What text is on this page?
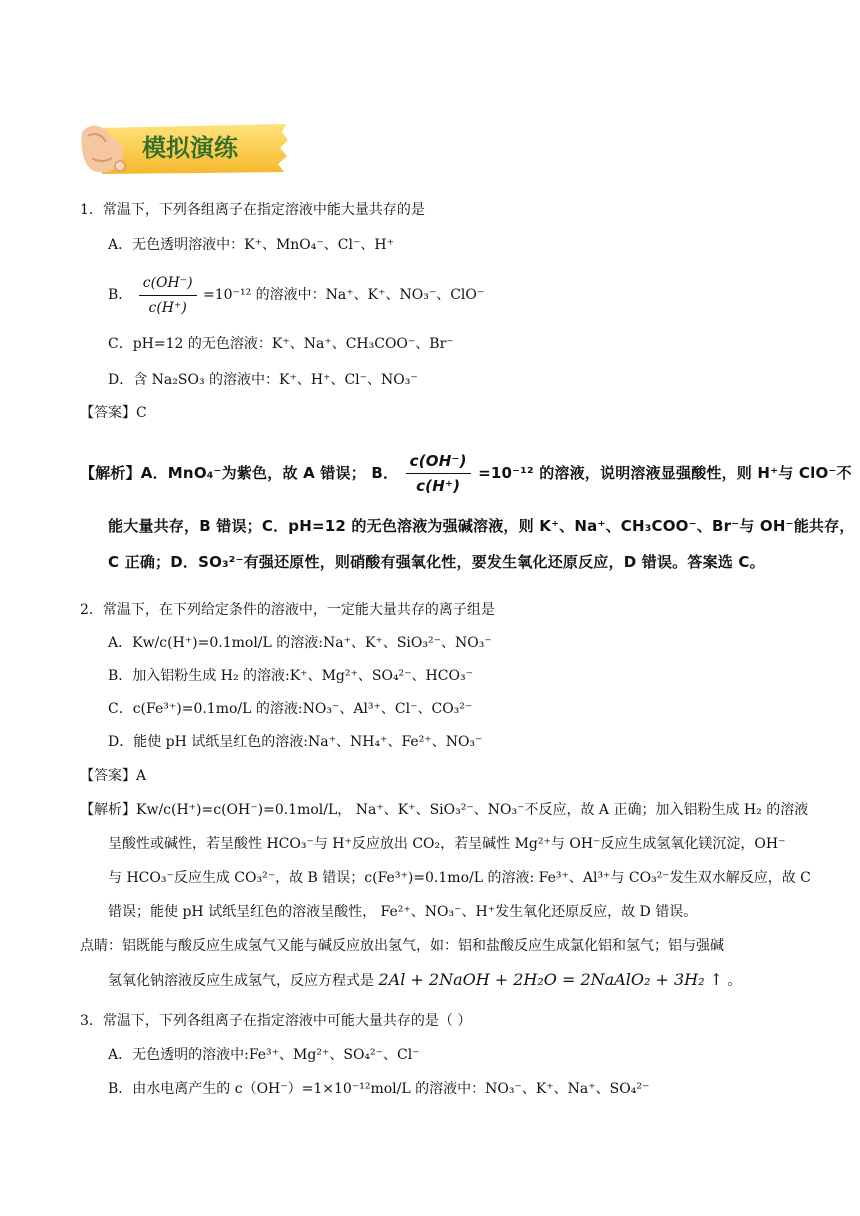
模拟演练
1．常温下，下列各组离子在指定溶液中能大量共存的是
A．无色透明溶液中：K⁺、MnO₄⁻、Cl⁻、H⁺
B． $\frac{c(OH^-)}{c(H^+)} =10^{-12}$ 的溶液中：Na⁺、K⁺、NO₃⁻、ClO⁻
C．pH=12 的无色溶液：K⁺、Na⁺、CH₃COO⁻、Br⁻
D．含 Na₂SO₃ 的溶液中：K⁺、H⁺、Cl⁻、NO₃⁻
【答案】C
【解析】A．MnO₄⁻为紫色，故 A 错误； B． $\frac{c(OH^-)}{c(H^+)} =10^{-12}$ 的溶液，说明溶液显强酸性，则 H⁺与 ClO⁻不
能大量共存，B 错误；C．pH=12 的无色溶液为强碱溶液，则 K⁺、Na⁺、CH₃COO⁻、Br⁻与 OH⁻能共存，
C 正确；D．SO₃²⁻有强还原性，则硝酸有强氧化性，要发生氧化还原反应，D 错误。答案选 C。
2．常温下，在下列给定条件的溶液中，一定能大量共存的离子组是
A．Kw/c(H⁺)=0.1mol/L 的溶液:Na⁺、K⁺、SiO₃²⁻、NO₃⁻
B．加入铝粉生成 H₂ 的溶液:K⁺、Mg²⁺、SO₄²⁻、HCO₃⁻
C．c(Fe³⁺)=0.1mo/L 的溶液:NO₃⁻、Al³⁺、Cl⁻、CO₃²⁻
D．能使 pH 试纸呈红色的溶液:Na⁺、NH₄⁺、Fe²⁺、NO₃⁻
【答案】A
【解析】Kw/c(H⁺)=c(OH⁻)=0.1mol/L， Na⁺、K⁺、SiO₃²⁻、NO₃⁻不反应，故 A 正确；加入铝粉生成 H₂ 的溶液
呈酸性或碱性，若呈酸性 HCO₃⁻与 H⁺反应放出 CO₂，若呈碱性 Mg²⁺与 OH⁻反应生成氢氧化镁沉淀，OH⁻
与 HCO₃⁻反应生成 CO₃²⁻，故 B 错误；c(Fe³⁺)=0.1mo/L 的溶液: Fe³⁺、Al³⁺与 CO₃²⁻发生双水解反应，故 C
错误；能使 pH 试纸呈红色的溶液呈酸性， Fe²⁺、NO₃⁻、H⁺发生氧化还原反应，故 D 错误。
点睛：铝既能与酸反应生成氢气又能与碱反应放出氢气，如：铝和盐酸反应生成氯化铝和氢气；铝与强碱
氢氧化钠溶液反应生成氢气，反应方程式是 2Al + 2NaOH + 2H₂O = 2NaAlO₂ + 3H₂ ↑ 。
3．常温下，下列各组离子在指定溶液中可能大量共存的是（ ）
A．无色透明的溶液中:Fe³⁺、Mg²⁺、SO₄²⁻、Cl⁻
B．由水电离产生的 c（OH⁻）=1×10⁻¹²mol/L 的溶液中：NO₃⁻、K⁺、Na⁺、SO₄²⁻
